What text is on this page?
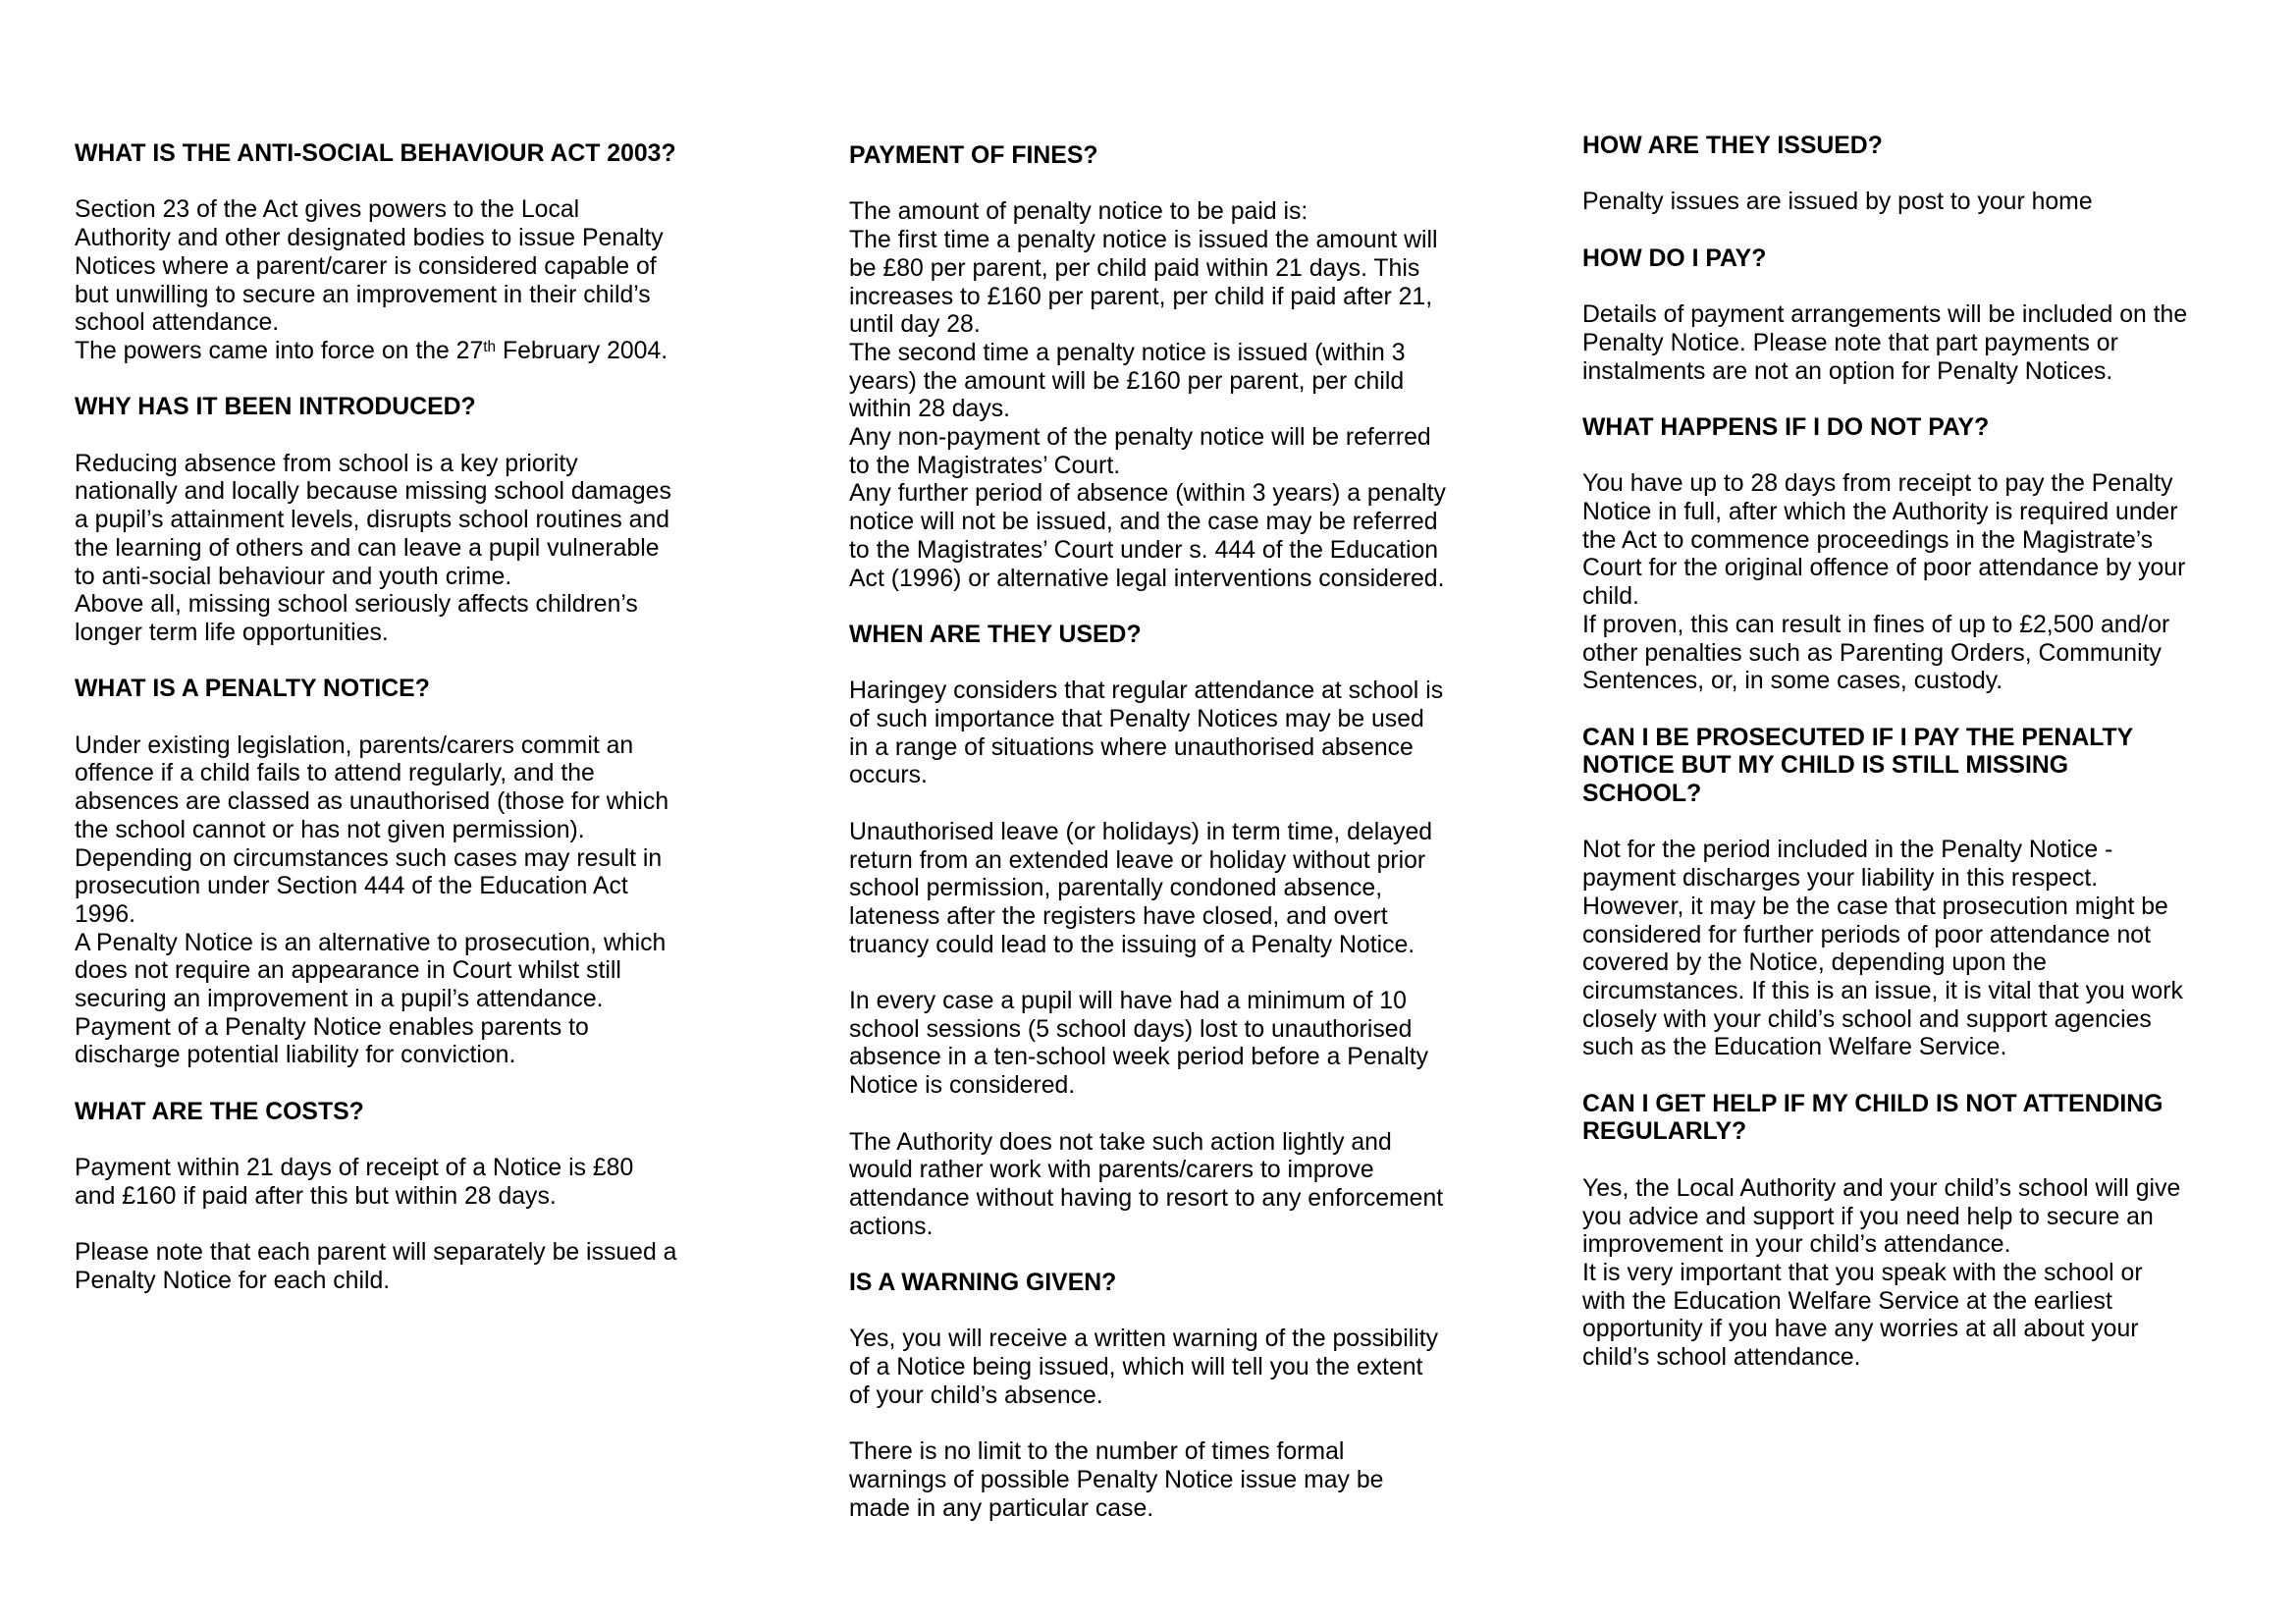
WHAT IS THE ANTI-SOCIAL BEHAVIOUR ACT 2003?

Section 23 of the Act gives powers to the Local Authority and other designated bodies to issue Penalty Notices where a parent/carer is considered capable of but unwilling to secure an improvement in their child’s school attendance.

The powers came into force on the 27th February 2004.

WHY HAS IT BEEN INTRODUCED?

Reducing absence from school is a key priority nationally and locally because missing school damages a pupil’s attainment levels, disrupts school routines and the learning of others and can leave a pupil vulnerable to anti-social behaviour and youth crime.

Above all, missing school seriously affects children’s longer term life opportunities.

WHAT IS A PENALTY NOTICE?

Under existing legislation, parents/carers commit an offence if a child fails to attend regularly, and the absences are classed as unauthorised (those for which the school cannot or has not given permission).

Depending on circumstances such cases may result in prosecution under Section 444 of the Education Act 1996.

A Penalty Notice is an alternative to prosecution, which does not require an appearance in Court whilst still securing an improvement in a pupil’s attendance.

Payment of a Penalty Notice enables parents to discharge potential liability for conviction.

WHAT ARE THE COSTS?

Payment within 21 days of receipt of a Notice is £80 and £160 if paid after this but within 28 days.

Please note that each parent will separately be issued a Penalty Notice for each child.

PAYMENT OF FINES?

The amount of penalty notice to be paid is:

The first time a penalty notice is issued the amount will be £80 per parent, per child paid within 21 days. This increases to £160 per parent, per child if paid after 21, until day 28.

The second time a penalty notice is issued (within 3 years) the amount will be £160 per parent, per child within 28 days.

Any non-payment of the penalty notice will be referred to the Magistrates’ Court.

Any further period of absence (within 3 years) a penalty notice will not be issued, and the case may be referred to the Magistrates’ Court under s. 444 of the Education Act (1996) or alternative legal interventions considered.

WHEN ARE THEY USED?

Haringey considers that regular attendance at school is of such importance that Penalty Notices may be used in a range of situations where unauthorised absence occurs.

Unauthorised leave (or holidays) in term time, delayed return from an extended leave or holiday without prior school permission, parentally condoned absence, lateness after the registers have closed, and overt truancy could lead to the issuing of a Penalty Notice.

In every case a pupil will have had a minimum of 10 school sessions (5 school days) lost to unauthorised absence in a ten-school week period before a Penalty Notice is considered.

The Authority does not take such action lightly and would rather work with parents/carers to improve attendance without having to resort to any enforcement actions.

IS A WARNING GIVEN?

Yes, you will receive a written warning of the possibility of a Notice being issued, which will tell you the extent of your child’s absence.

There is no limit to the number of times formal warnings of possible Penalty Notice issue may be made in any particular case.

HOW ARE THEY ISSUED?

Penalty issues are issued by post to your home

HOW DO I PAY?

Details of payment arrangements will be included on the Penalty Notice. Please note that part payments or instalments are not an option for Penalty Notices.

WHAT HAPPENS IF I DO NOT PAY?

You have up to 28 days from receipt to pay the Penalty Notice in full, after which the Authority is required under the Act to commence proceedings in the Magistrate’s Court for the original offence of poor attendance by your child.

If proven, this can result in fines of up to £2,500 and/or other penalties such as Parenting Orders, Community Sentences, or, in some cases, custody.

CAN I BE PROSECUTED IF I PAY THE PENALTY NOTICE BUT MY CHILD IS STILL MISSING SCHOOL?

Not for the period included in the Penalty Notice - payment discharges your liability in this respect. However, it may be the case that prosecution might be considered for further periods of poor attendance not covered by the Notice, depending upon the circumstances. If this is an issue, it is vital that you work closely with your child’s school and support agencies such as the Education Welfare Service.

CAN I GET HELP IF MY CHILD IS NOT ATTENDING REGULARLY?

Yes, the Local Authority and your child’s school will give you advice and support if you need help to secure an improvement in your child’s attendance.

It is very important that you speak with the school or with the Education Welfare Service at the earliest opportunity if you have any worries at all about your child’s school attendance.
